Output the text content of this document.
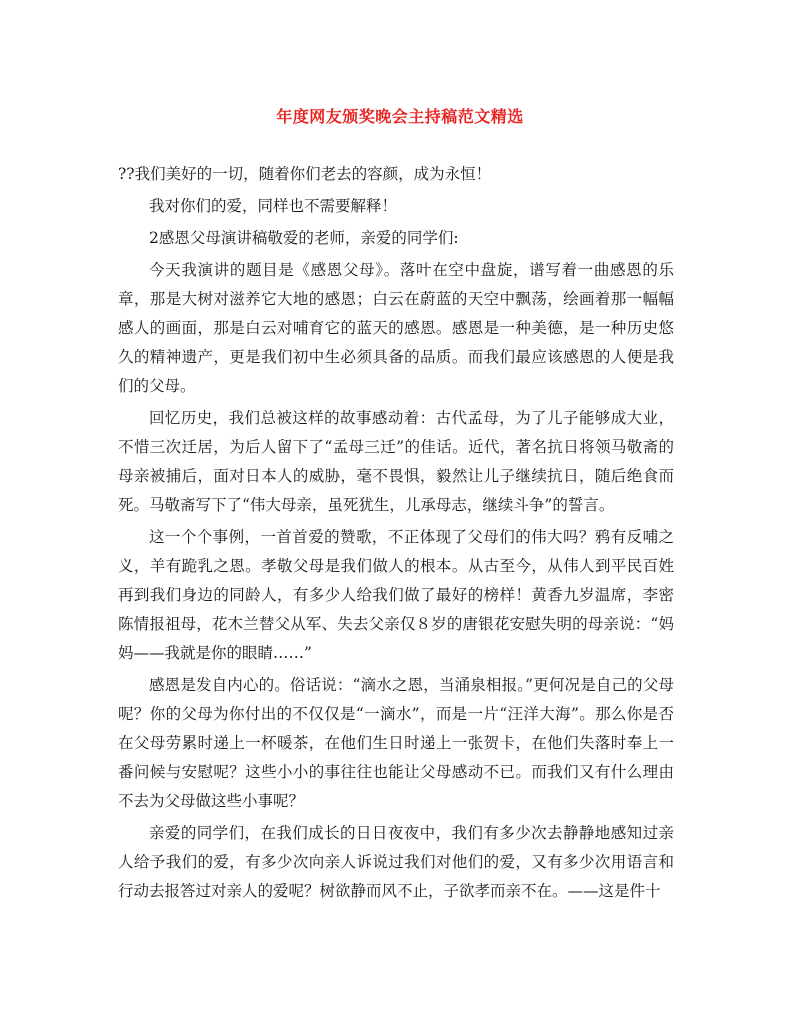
年度网友颁奖晚会主持稿范文精选

??我们美好的一切，随着你们老去的容颜，成为永恒！

我对你们的爱，同样也不需要解释！

2感恩父母演讲稿敬爱的老师，亲爱的同学们:

今天我演讲的题目是《感恩父母》。落叶在空中盘旋，谱写着一曲感恩的乐章，那是大树对滋养它大地的感恩；白云在蔚蓝的天空中飘荡，绘画着那一幅幅感人的画面，那是白云对哺育它的蓝天的感恩。感恩是一种美德，是一种历史悠久的精神遗产，更是我们初中生必须具备的品质。而我们最应该感恩的人便是我们的父母。

回忆历史，我们总被这样的故事感动着：古代孟母，为了儿子能够成大业，不惜三次迁居，为后人留下了“孟母三迁”的佳话。近代，著名抗日将领马敬斋的母亲被捕后，面对日本人的威胁，毫不畏惧，毅然让儿子继续抗日，随后绝食而死。马敬斋写下了“伟大母亲，虽死犹生，儿承母志，继续斗争”的誓言。

这一个个事例，一首首爱的赞歌，不正体现了父母们的伟大吗？鸦有反哺之义，羊有跪乳之恩。孝敬父母是我们做人的根本。从古至今，从伟人到平民百姓再到我们身边的同龄人，有多少人给我们做了最好的榜样！黄香九岁温席，李密陈情报祖母，花木兰替父从军、失去父亲仅８岁的唐银花安慰失明的母亲说：“妈妈——我就是你的眼睛……”

感恩是发自内心的。俗话说：“滴水之恩，当涌泉相报。”更何况是自己的父母呢？你的父母为你付出的不仅仅是“一滴水”，而是一片“汪洋大海”。那么你是否在父母劳累时递上一杯暖茶，在他们生日时递上一张贺卡，在他们失落时奉上一番问候与安慰呢？这些小小的事往往也能让父母感动不已。而我们又有什么理由不去为父母做这些小事呢？

亲爱的同学们，在我们成长的日日夜夜中，我们有多少次去静静地感知过亲人给予我们的爱，有多少次向亲人诉说过我们对他们的爱，又有多少次用语言和行动去报答过对亲人的爱呢？树欲静而风不止，子欲孝而亲不在。——这是件十
